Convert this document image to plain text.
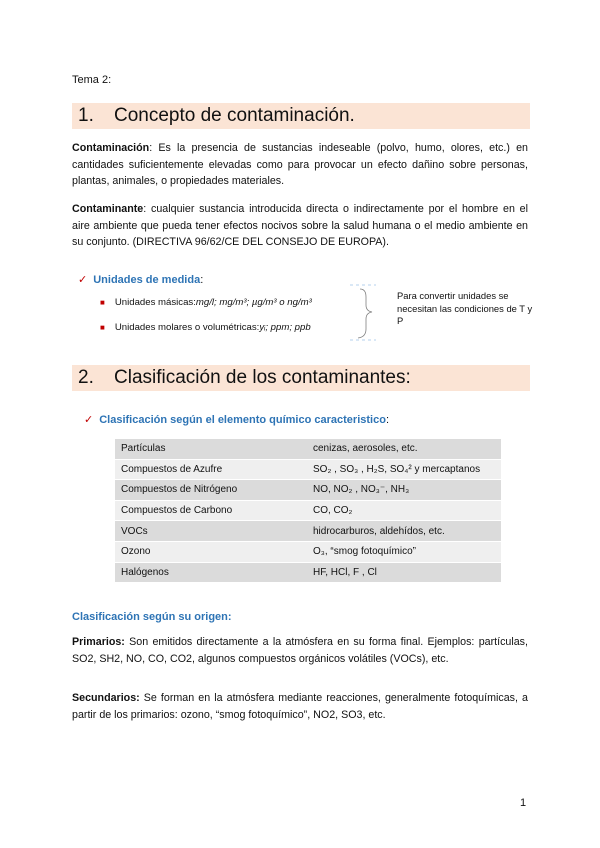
Tema 2:
1. Concepto de contaminación.
Contaminación: Es la presencia de sustancias indeseable (polvo, humo, olores, etc.) en cantidades suficientemente elevadas como para provocar un efecto dañino sobre personas, plantas, animales, o propiedades materiales.
Contaminante: cualquier sustancia introducida directa o indirectamente por el hombre en el aire ambiente que pueda tener efectos nocivos sobre la salud humana o el medio ambiente en su conjunto. (DIRECTIVA 96/62/CE DEL CONSEJO DE EUROPA).
✓ Unidades de medida:
■ Unidades másicas: mg/l; mg/m³; µg/m³ o ng/m³
■ Unidades molares o volumétricas: yᵢ; ppm; ppb
Para convertir unidades se necesitan las condiciones de T y P
2. Clasificación de los contaminantes:
✓ Clasificación según el elemento químico caracteristico:
Partículas	cenizas, aerosoles, etc.
Compuestos de Azufre	SO₂ , SO₃ , H₂S, SO₄² y mercaptanos
Compuestos de Nitrógeno	NO, NO₂ , NO₃⁻, NH₃
Compuestos de Carbono	CO, CO₂
VOCs	hidrocarburos, aldehídos, etc.
Ozono	O₃, “smog fotoquímico”
Halógenos	HF, HCl, F , Cl
Clasificación según su origen:
Primarios: Son emitidos directamente a la atmósfera en su forma final. Ejemplos: partículas, SO2, SH2, NO, CO, CO2, algunos compuestos orgánicos volátiles (VOCs), etc.
Secundarios: Se forman en la atmósfera mediante reacciones, generalmente fotoquímicas, a partir de los primarios: ozono, “smog fotoquímico”, NO2, SO3, etc.
1
